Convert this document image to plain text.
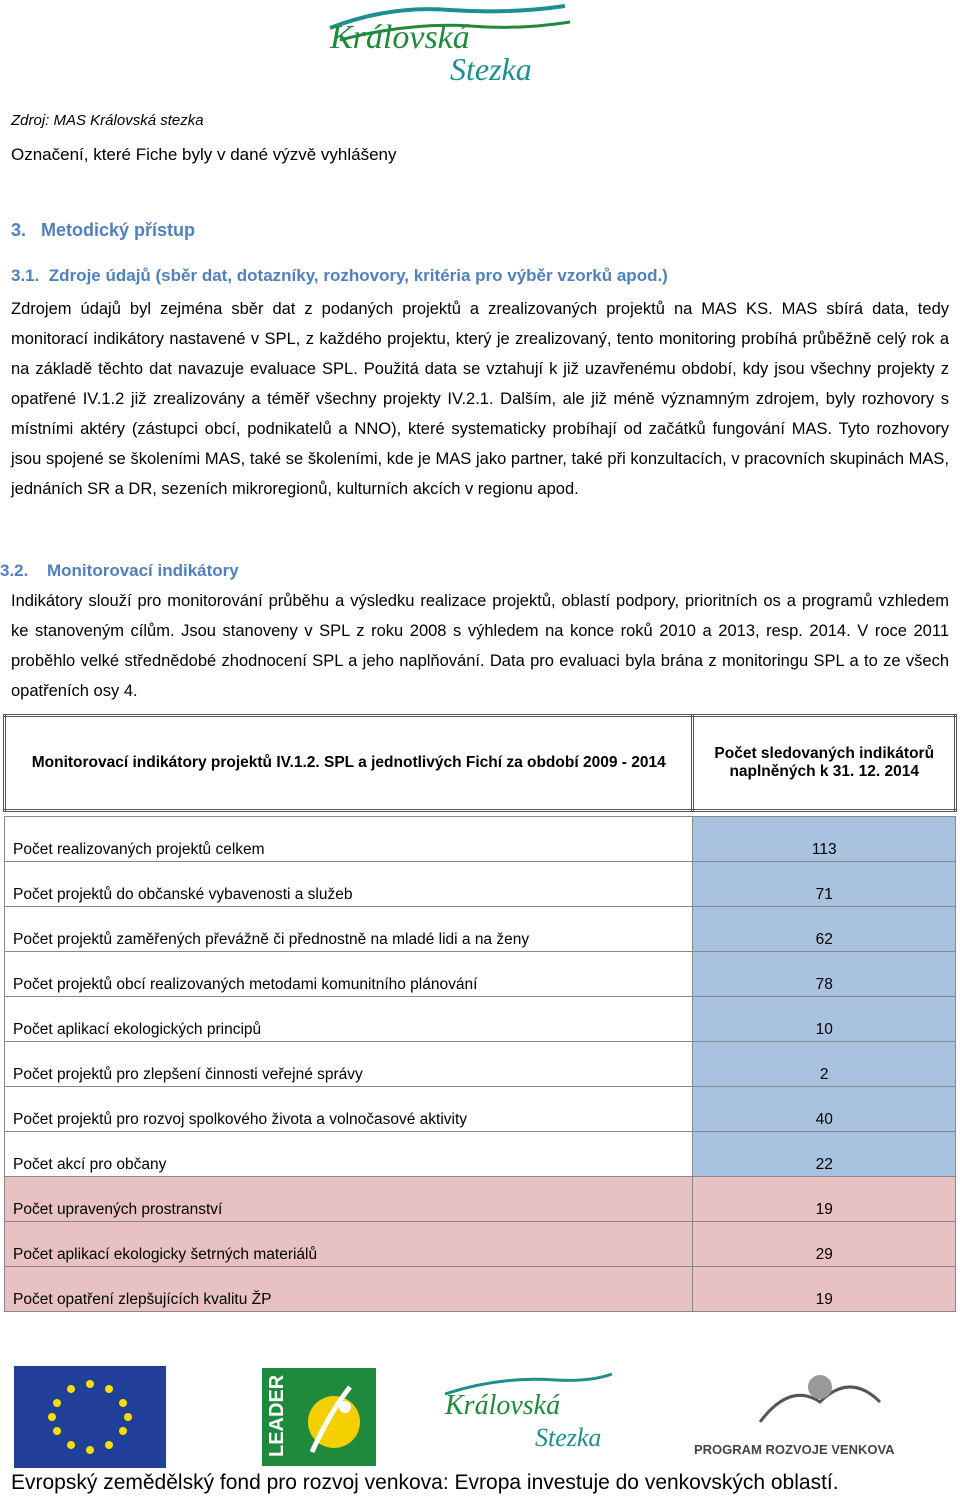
Královská
Stezka
Zdroj: MAS Královská stezka
Označení, které Fiche byly v dané výzvě vyhlášeny
3.   Metodický přístup
3.1.  Zdroje údajů (sběr dat, dotazníky, rozhovory, kritéria pro výběr vzorků apod.)
Zdrojem údajů byl zejména sběr dat z podaných projektů a zrealizovaných projektů na MAS KS. MAS sbírá data, tedy monitorací indikátory nastavené v SPL, z každého projektu, který je zrealizovaný, tento monitoring probíhá průběžně celý rok a na základě těchto dat navazuje evaluace SPL. Použitá data se vztahují k již uzavřenému období, kdy jsou všechny projekty z opatřené IV.1.2 již zrealizovány a téměř všechny projekty IV.2.1. Dalším, ale již méně významným zdrojem, byly rozhovory s místními aktéry (zástupci obcí, podnikatelů a NNO), které systematicky probíhají od začátků fungování MAS. Tyto rozhovory jsou spojené se školeními MAS, také se školeními, kde je MAS jako partner, také při konzultacích, v pracovních skupinách MAS, jednáních SR a DR, sezeních mikroregionů, kulturních akcích v regionu apod.
3.2. Monitorovací indikátory
Indikátory slouží pro monitorování průběhu a výsledku realizace projektů, oblastí podpory, prioritních os a programů vzhledem ke stanoveným cílům. Jsou stanoveny v SPL z roku 2008 s výhledem na konce roků 2010 a 2013, resp. 2014. V roce 2011 proběhlo velké střednědobé zhodnocení SPL a jeho naplňování. Data pro evaluaci byla brána z monitoringu SPL a to ze všech opatřeních osy 4.
Monitorovací indikátory projektů IV.1.2. SPL a jednotlivých Fichí za období 2009 - 2014	Počet sledovaných indikátorů naplněných k 31. 12. 2014

Počet realizovaných projektů celkem	113
Počet projektů do občanské vybavenosti a služeb	71
Počet projektů zaměřených převážně či přednostně na mladé lidi a na ženy	62
Počet projektů obcí realizovaných metodami komunitního plánování	78
Počet aplikací ekologických principů	10
Počet projektů pro zlepšení činnosti veřejné správy	2
Počet projektů pro rozvoj spolkového života a volnočasové aktivity	40
Počet akcí pro občany	22
Počet upravených prostranství	19
Počet aplikací ekologicky šetrných materiálů	29
Počet opatření zlepšujících kvalitu ŽP	19
LEADER	Královská
Stezka	PROGRAM ROZVOJE VENKOVA
Evropský zemědělský fond pro rozvoj venkova: Evropa investuje do venkovských oblastí.
